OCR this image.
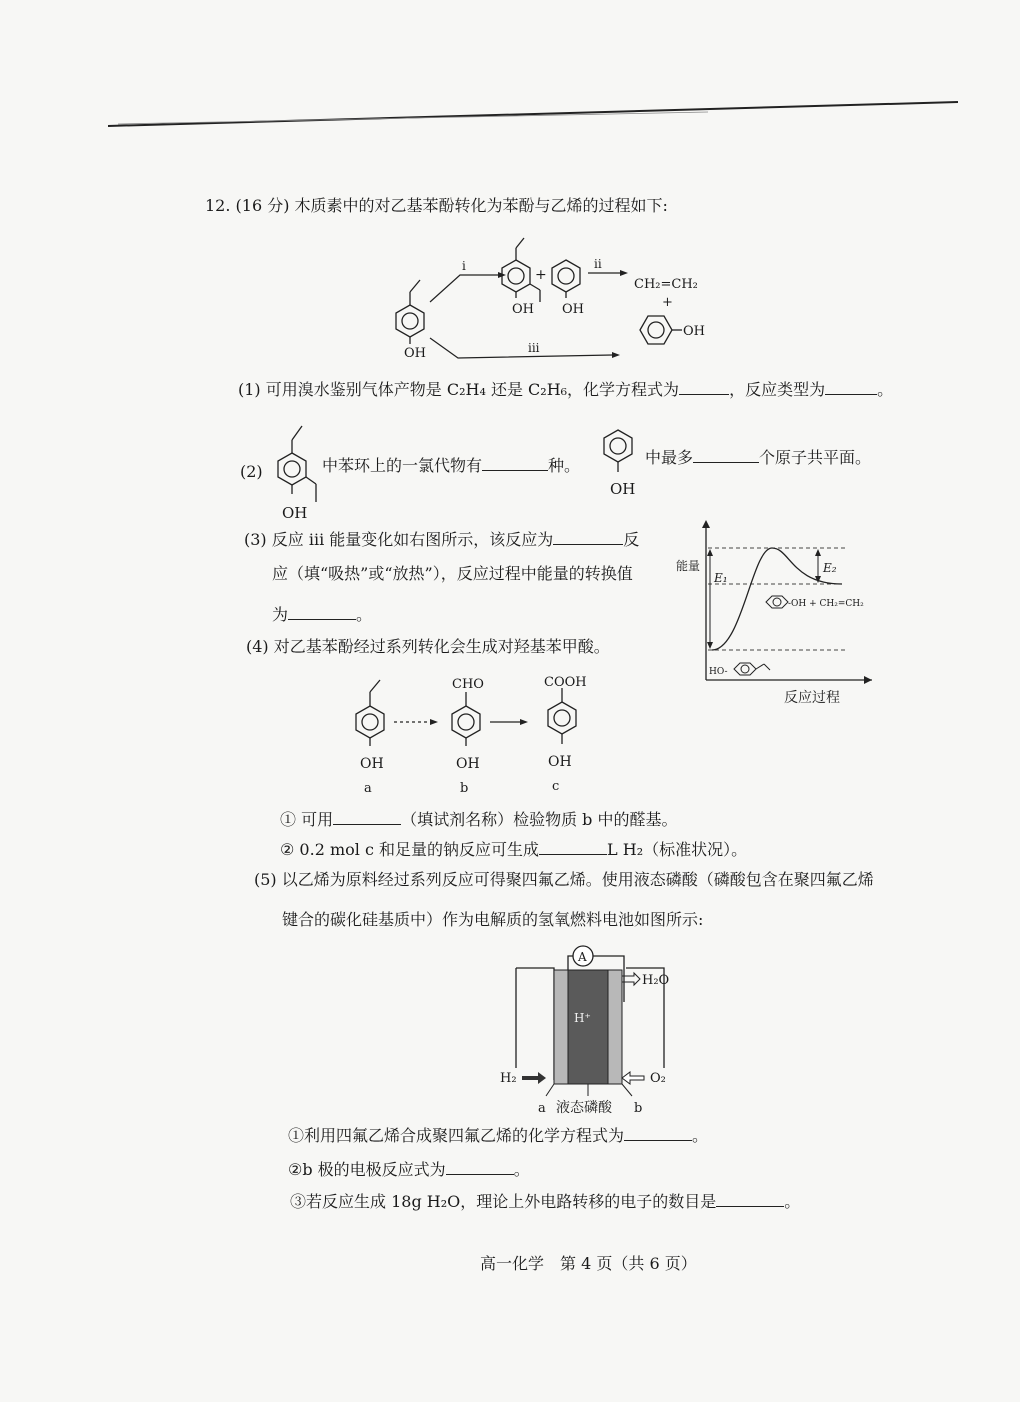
12. (16 分) 木质素中的对乙基苯酚转化为苯酚与乙烯的过程如下:
OH
i
OH
+
OH
ii
iii
CH₂=CH₂
+
OH
(1) 可用溴水鉴别气体产物是 C₂H₄ 还是 C₂H₆，化学方程式为	，反应类型为	。
(2)
OH
中苯环上的一氯代物有	种。
OH
中最多	个原子共平面。
(3) 反应 iii 能量变化如右图所示，该反应为	反
应（填“吸热”或“放热”），反应过程中能量的转换值
为	。
能量
反应过程
E₁
E₂
-OH + CH₂=CH₂
HO-
(4) 对乙基苯酚经过系列转化会生成对羟基苯甲酸。
OH
a
CHO
OH
b
COOH
OH
c
① 可用	（填试剂名称）检验物质 b 中的醛基。
② 0.2 mol c 和足量的钠反应可生成	L H₂（标准状况）。
(5) 以乙烯为原料经过系列反应可得聚四氟乙烯。使用液态磷酸（磷酸包含在聚四氟乙烯
键合的碳化硅基质中）作为电解质的氢氧燃料电池如图所示:
A
H⁺
H₂O
H₂	O₂
a 液态磷酸 b
①利用四氟乙烯合成聚四氟乙烯的化学方程式为	。
②b 极的电极反应式为	。
③若反应生成 18g H₂O，理论上外电路转移的电子的数目是	。
高一化学　第 4 页（共 6 页）
